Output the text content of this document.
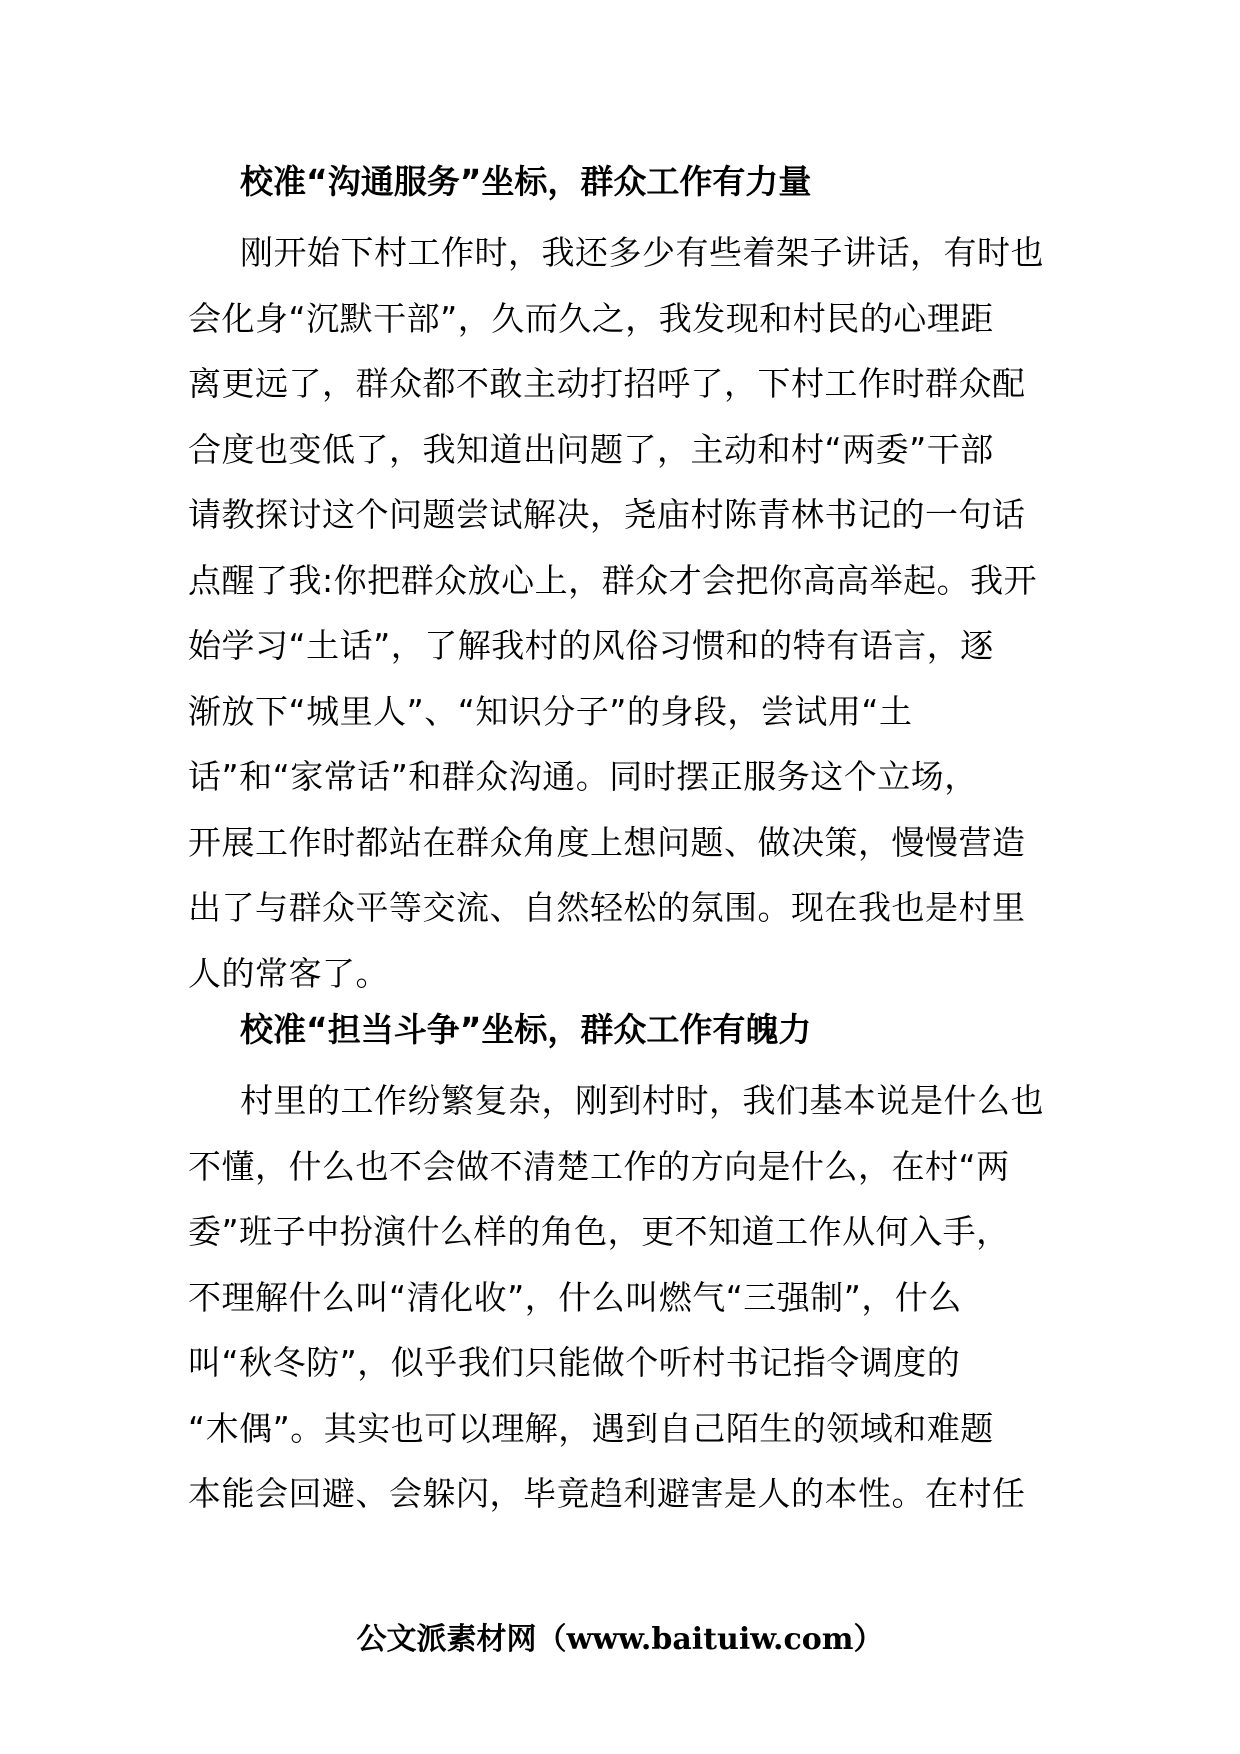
校准“沟通服务”坐标，群众工作有力量
刚开始下村工作时，我还多少有些着架子讲话，有时也
会化身“沉默干部”，久而久之，我发现和村民的心理距
离更远了，群众都不敢主动打招呼了，下村工作时群众配
合度也变低了，我知道出问题了，主动和村“两委”干部
请教探讨这个问题尝试解决，尧庙村陈青林书记的一句话
点醒了我:你把群众放心上，群众才会把你高高举起。我开
始学习“土话”，了解我村的风俗习惯和的特有语言，逐
渐放下“城里人”、“知识分子”的身段，尝试用“土
话”和“家常话”和群众沟通。同时摆正服务这个立场，
开展工作时都站在群众角度上想问题、做决策，慢慢营造
出了与群众平等交流、自然轻松的氛围。现在我也是村里
人的常客了。
校准“担当斗争”坐标，群众工作有魄力
村里的工作纷繁复杂，刚到村时，我们基本说是什么也
不懂，什么也不会做不清楚工作的方向是什么，在村“两
委”班子中扮演什么样的角色，更不知道工作从何入手，
不理解什么叫“清化收”，什么叫燃气“三强制”，什么
叫“秋冬防”，似乎我们只能做个听村书记指令调度的
“木偶”。其实也可以理解，遇到自己陌生的领域和难题
本能会回避、会躲闪，毕竟趋利避害是人的本性。在村任
公文派素材网（www.baituiw.com）
